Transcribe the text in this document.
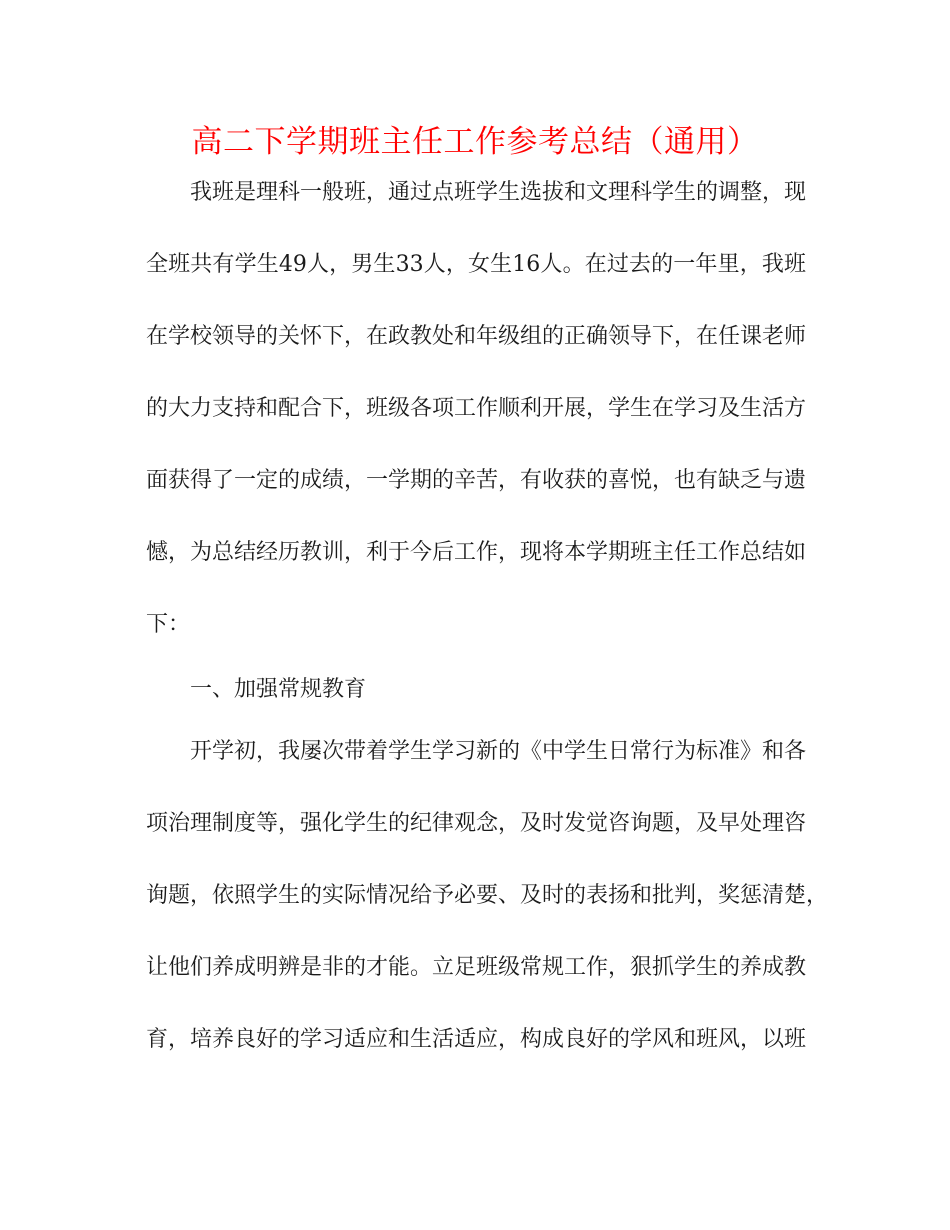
高二下学期班主任工作参考总结（通用）
我班是理科一般班，通过点班学生选拔和文理科学生的调整，现
全班共有学生49人，男生33人，女生16人。在过去的一年里，我班
在学校领导的关怀下，在政教处和年级组的正确领导下，在任课老师
的大力支持和配合下，班级各项工作顺利开展，学生在学习及生活方
面获得了一定的成绩，一学期的辛苦，有收获的喜悦，也有缺乏与遗
憾，为总结经历教训，利于今后工作，现将本学期班主任工作总结如
下：
一、加强常规教育
开学初，我屡次带着学生学习新的《中学生日常行为标准》和各
项治理制度等，强化学生的纪律观念，及时发觉咨询题，及早处理咨
询题，依照学生的实际情况给予必要、及时的表扬和批判，奖惩清楚，
让他们养成明辨是非的才能。立足班级常规工作，狠抓学生的养成教
育，培养良好的学习适应和生活适应，构成良好的学风和班风，以班
